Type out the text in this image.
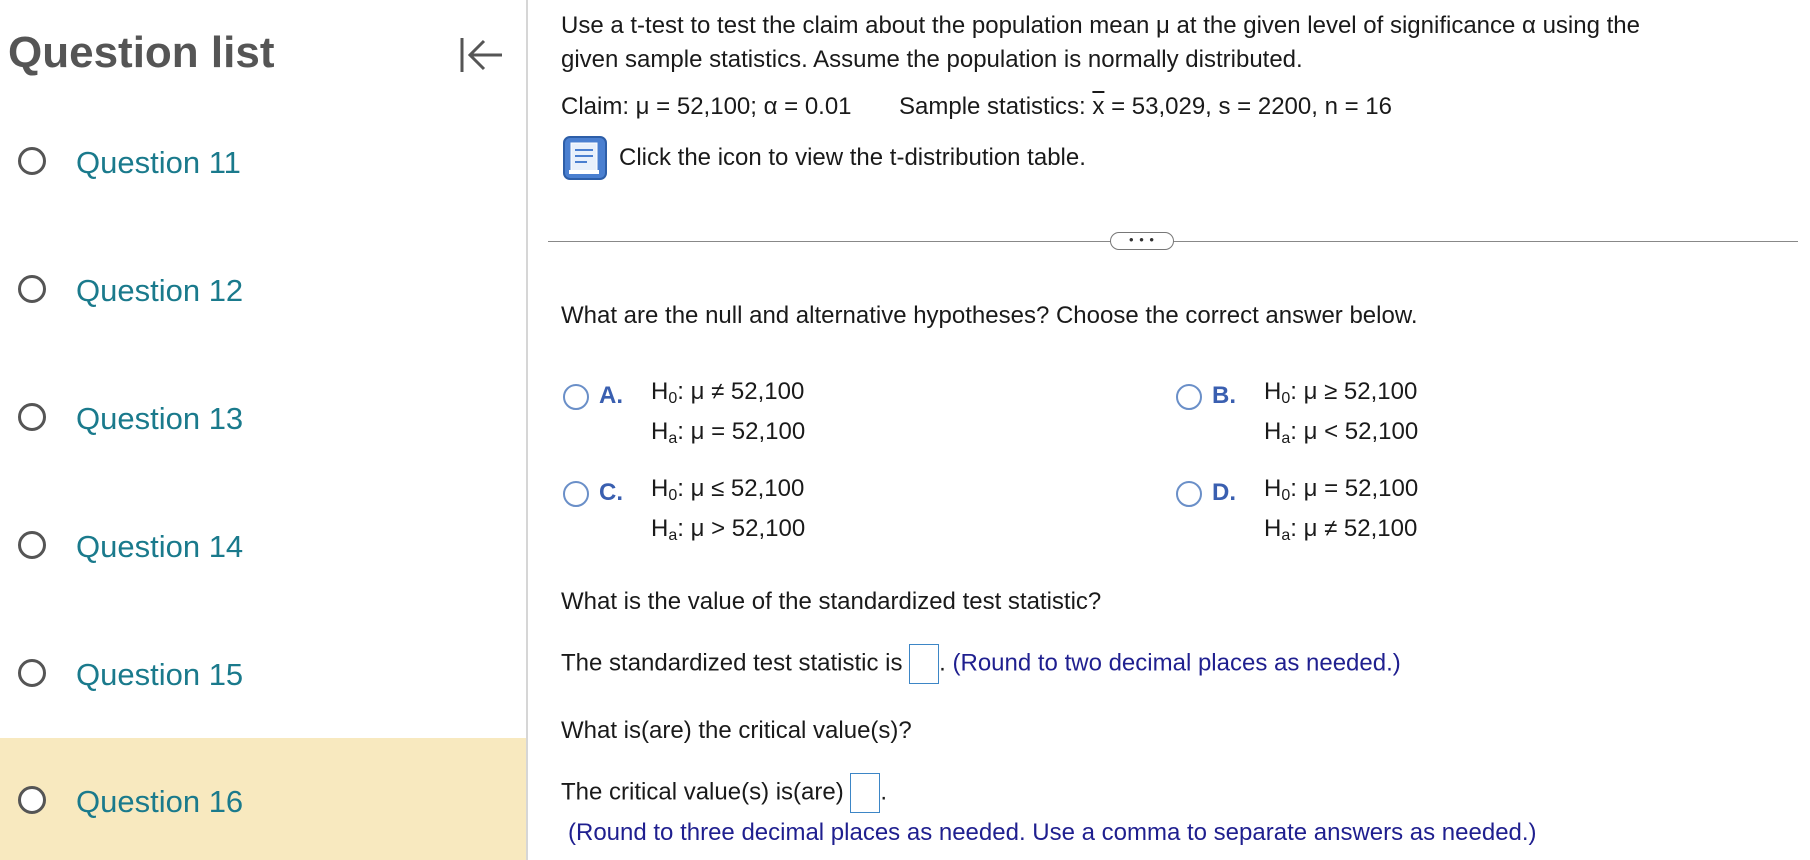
Question list
Question 11
Question 12
Question 13
Question 14
Question 15
Question 16
Use a t-test to test the claim about the population mean μ at the given level of significance α using the
given sample statistics. Assume the population is normally distributed.
Claim: μ = 52,100; α = 0.01 Sample statistics: $\overline{x} = 53,029$, s = 2200, n = 16
Click the icon to view the t-distribution table.
• • •
What are the null and alternative hypotheses? Choose the correct answer below.
A. $H_0$: μ ≠ 52,100
$H_a$: μ = 52,100
B. $H_0$: μ ≥ 52,100
$H_a$: μ < 52,100
C. $H_0$: μ ≤ 52,100
$H_a$: μ > 52,100
D. $H_0$: μ = 52,100
$H_a$: μ ≠ 52,100
What is the value of the standardized test statistic?
The standardized test statistic is . (Round to two decimal places as needed.)
What is(are) the critical value(s)?
The critical value(s) is(are) .
(Round to three decimal places as needed. Use a comma to separate answers as needed.)
